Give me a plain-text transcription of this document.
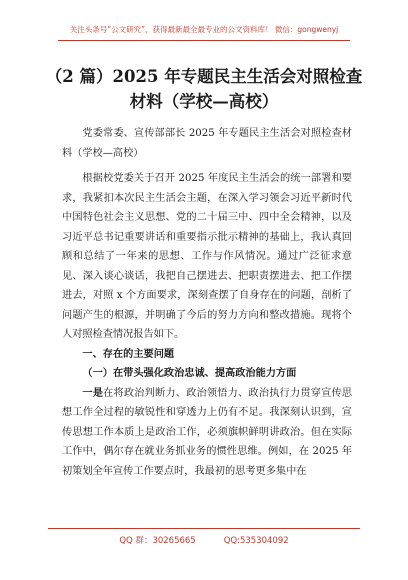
关注头条号“公文研究”，获得最新最全最专业的公文资料库！ 微信：gongwenyj
（2 篇）2025 年专题民主生活会对照检查
材料（学校—高校）

党委常委、宣传部部长 2025 年专题民主生活会对照检查材料（学校—高校）

根据校党委关于召开 2025 年度民主生活会的统一部署和要求，我紧扣本次民主生活会主题，在深入学习领会习近平新时代中国特色社会主义思想、党的二十届三中、四中全会精神，以及习近平总书记重要讲话和重要指示批示精神的基础上，我认真回顾和总结了一年来的思想、工作与作风情况。通过广泛征求意见、深入谈心谈话，我把自己摆进去、把职责摆进去、把工作摆进去，对照 x 个方面要求，深刻查摆了自身存在的问题，剖析了问题产生的根源，并明确了今后的努力方向和整改措施。现将个人对照检查情况报告如下。

一、存在的主要问题

（一）在带头强化政治忠诚、提高政治能力方面

一是在将政治判断力、政治领悟力、政治执行力贯穿宣传思想工作全过程的敏锐性和穿透力上仍有不足。我深刻认识到，宣传思想工作本质上是政治工作，必须旗帜鲜明讲政治。但在实际工作中，偶尔存在就业务抓业务的惯性思维。例如，在 2025 年初策划全年宣传工作要点时，我最初的思考更多集中在

QQ 群：30265665	QQ:535304092
